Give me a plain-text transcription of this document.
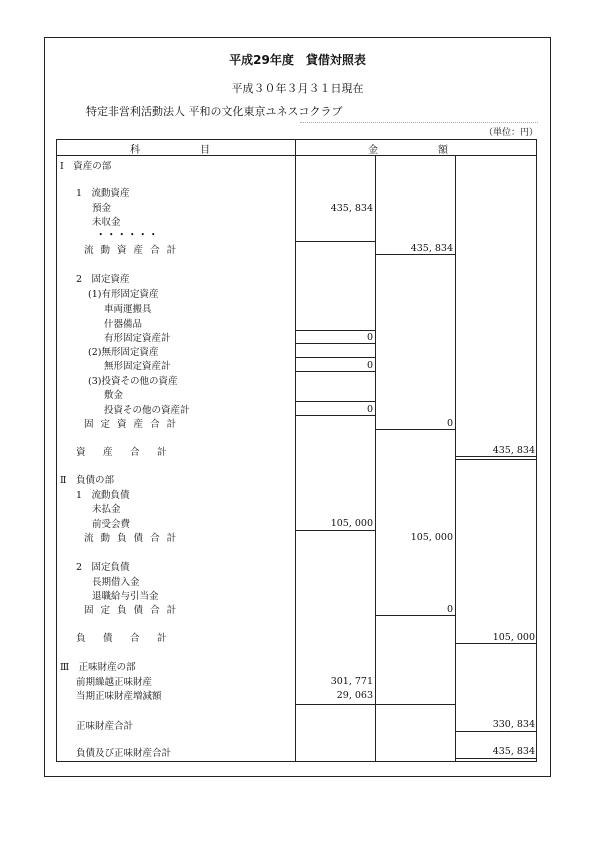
平成29年度　貸借対照表
平成３０年３月３１日現在
特定非営利活動法人 平和の文化東京ユネスコクラブ
（単位：円）
科　　　　　　目	金　　　　　　額
Ⅰ　資産の部
1　流動資産
預金	435, 834
未収金
・・・・・・
流 動 資 産 合 計	435, 834
2　固定資産
(1)有形固定資産
車両運搬具
什器備品
有形固定資産計	0
(2)無形固定資産
無形固定資産計	0
(3)投資その他の資産
敷金
投資その他の資産計	0
固 定 資 産 合 計	0
資　産　合　計	435, 834
Ⅱ　負債の部
1　流動負債
未払金
前受会費	105, 000
流 動 負 債 合 計	105, 000
2　固定負債
長期借入金
退職給与引当金
固 定 負 債 合 計	0
負　債　合　計	105, 000
Ⅲ　正味財産の部
前期繰越正味財産	301, 771
当期正味財産増減額	29, 063
正味財産合計	330, 834
負債及び正味財産合計	435, 834
